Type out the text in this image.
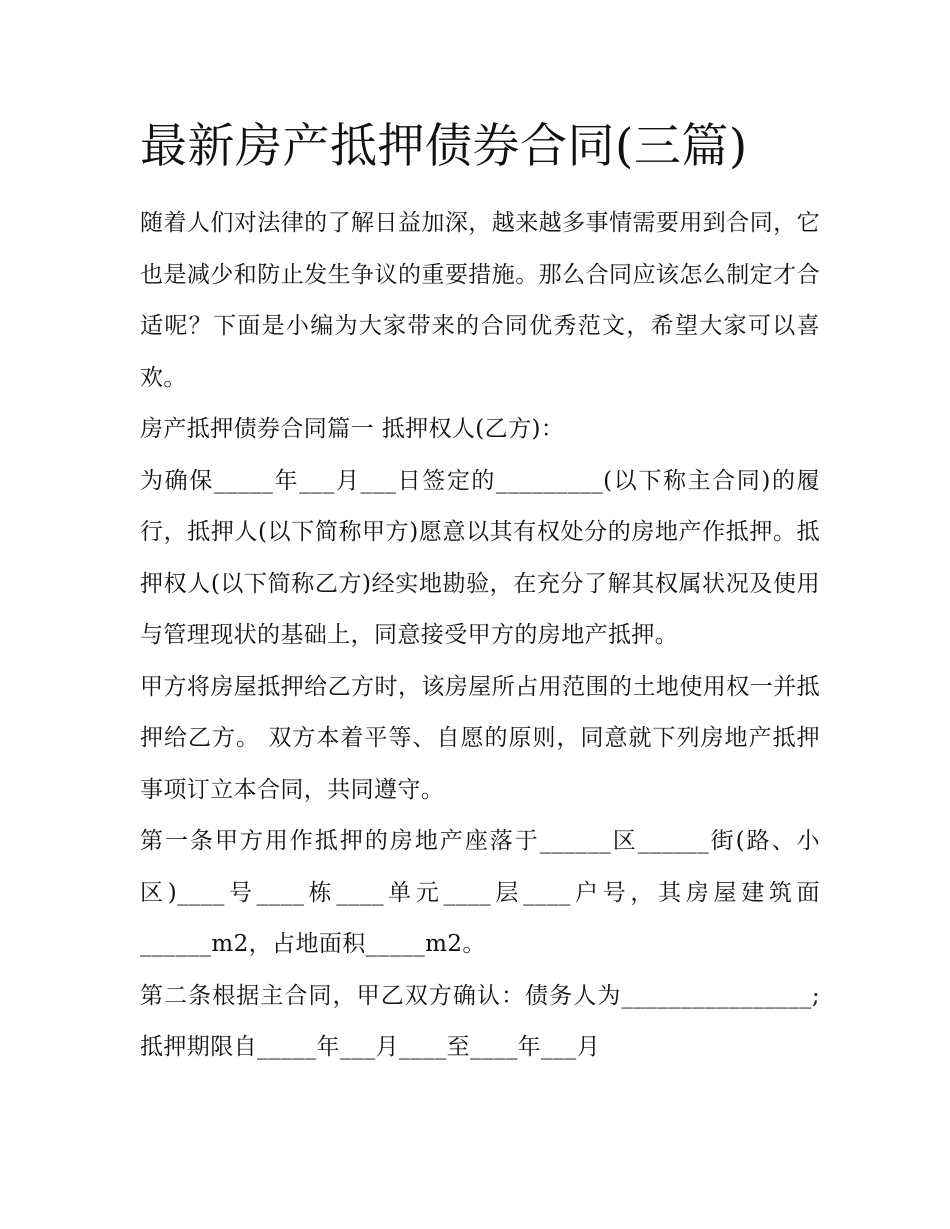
最新房产抵押债券合同(三篇)

随着人们对法律的了解日益加深，越来越多事情需要用到合同，它也是减少和防止发生争议的重要措施。那么合同应该怎么制定才合适呢？下面是小编为大家带来的合同优秀范文，希望大家可以喜欢。

房产抵押债券合同篇一 抵押权人(乙方)：

为确保_____年___月___日签定的_________(以下称主合同)的履行，抵押人(以下简称甲方)愿意以其有权处分的房地产作抵押。抵押权人(以下简称乙方)经实地勘验，在充分了解其权属状况及使用与管理现状的基础上，同意接受甲方的房地产抵押。

甲方将房屋抵押给乙方时，该房屋所占用范围的土地使用权一并抵押给乙方。 双方本着平等、自愿的原则，同意就下列房地产抵押事项订立本合同，共同遵守。

第一条甲方用作抵押的房地产座落于______区______街(路、小区)____号____栋____单元____层____户号，其房屋建筑面______m2，占地面积_____m2。

第二条根据主合同，甲乙双方确认：债务人为________________;抵押期限自_____年___月____至____年___月
